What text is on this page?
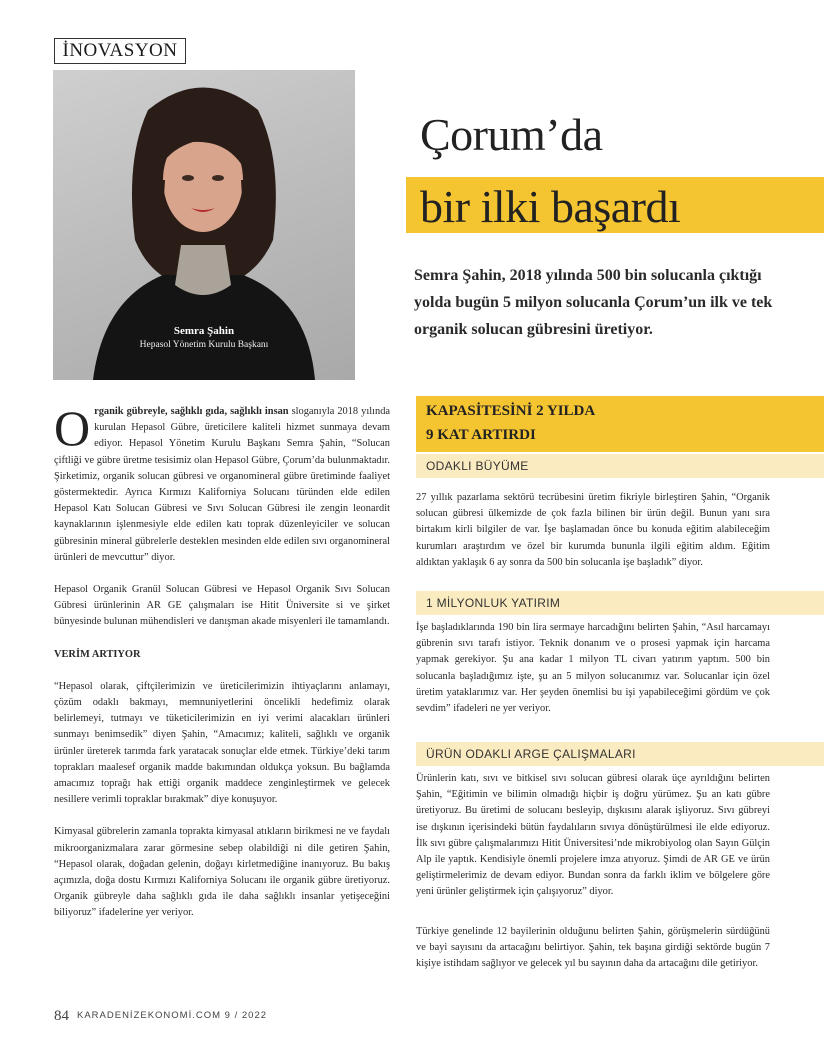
İNOVASYON
Semra Şahin
Hepasol Yönetim Kurulu Başkanı
Çorum’da
bir ilki başardı
Semra Şahin, 2018 yılında 500 bin solucanla çıktığı yolda bugün 5 milyon solucanla Çorum’un ilk ve tek organik solucan gübresini üretiyor.

Organik gübreyle, sağlıklı gıda, sağlıklı insan sloganıyla 2018 yılında kurulan Hepasol Gübre, üreticilere kaliteli hizmet sunmaya devam ediyor. Hepasol Yönetim Kurulu Başkanı Semra Şahin, “Solucan çiftliği ve gübre üretme tesisimiz olan Hepasol Gübre, Çorum’da bulunmaktadır. Şirketimiz, organik solucan gübresi ve organomineral gübre üretiminde faaliyet göstermektedir. Ayrıca Kırmızı Kaliforniya Solucanı türünden elde edilen Hepasol Katı Solucan Gübresi ve Sıvı Solucan Gübresi ile zengin leonardit kaynaklarının işlenmesiyle elde edilen katı toprak düzenleyiciler ve solucan gübresinin mineral gübrelerle desteklen mesinden elde edilen sıvı organomineral ürünleri de mevcuttur” diyor.

Hepasol Organik Granül Solucan Gübresi ve Hepasol Organik Sıvı Solucan Gübresi ürünlerinin AR GE çalışmaları ise Hitit Üniversite si ve şirket bünyesinde bulunan mühendisleri ve danışman akade misyenleri ile tamamlandı.

VERİM ARTIYOR

“Hepasol olarak, çiftçilerimizin ve üreticilerimizin ihtiyaçlarını anlamayı, çözüm odaklı bakmayı, memnuniyetlerini öncelikli hedefimiz olarak belirlemeyi, tutmayı ve tüketicilerimizin en iyi verimi alacakları ürünleri sunmayı benimsedik” diyen Şahin, “Amacımız; kaliteli, sağlıklı ve organik ürünler üreterek tarımda fark yaratacak sonuçlar elde etmek. Türkiye’deki tarım toprakları maalesef organik madde bakımından oldukça yoksun. Bu bağlamda amacımız toprağı hak ettiği organik maddece zenginleştirmek ve gelecek nesillere verimli topraklar bırakmak” diye konuşuyor.

Kimyasal gübrelerin zamanla toprakta kimyasal atıkların birikmesi ne ve faydalı mikroorganizmalara zarar görmesine sebep olabildiği ni dile getiren Şahin, “Hepasol olarak, doğadan gelenin, doğayı kirletmediğine inanıyoruz. Bu bakış açımızla, doğa dostu Kırmızı Kaliforniya Solucanı ile organik gübre üretiyoruz. Organik gübreyle daha sağlıklı gıda ile daha sağlıklı insanlar yetişeceğini biliyoruz” ifadelerine yer veriyor.

KAPASİTESİNİ 2 YILDA
9 KAT ARTIRDI
ODAKLI BÜYÜME
27 yıllık pazarlama sektörü tecrübesini üretim fikriyle birleştiren Şahin, “Organik solucan gübresi ülkemizde de çok fazla bilinen bir ürün değil. Bunun yanı sıra birtakım kirli bilgiler de var. İşe başlamadan önce bu konuda eğitim alabileceğim kurumları araştırdım ve özel bir kurumda bununla ilgili eğitim aldım. Eğitim aldıktan yaklaşık 6 ay sonra da 500 bin solucanla işe başladık” diyor.
1 MİLYONLUK YATIRIM
İşe başladıklarında 190 bin lira sermaye harcadığını belirten Şahin, “Asıl harcamayı gübrenin sıvı tarafı istiyor. Teknik donanım ve o prosesi yapmak için harcama yapmak gerekiyor. Şu ana kadar 1 milyon TL civarı yatırım yaptım. 500 bin solucanla başladığımız işte, şu an 5 milyon solucanımız var. Solucanlar için özel üretim yataklarımız var. Her şeyden önemlisi bu işi yapabileceğimi gördüm ve çok sevdim” ifadeleri ne yer veriyor.
ÜRÜN ODAKLI ARGE ÇALIŞMALARI
Ürünlerin katı, sıvı ve bitkisel sıvı solucan gübresi olarak üçe ayrıldığını belirten Şahin, “Eğitimin ve bilimin olmadığı hiçbir iş doğru yürümez. Şu an katı gübre üretiyoruz. Bu üretimi de solucanı besleyip, dışkısını alarak işliyoruz. Sıvı gübreyi ise dışkının içerisindeki bütün faydalıların sıvıya dönüştürülmesi ile elde ediyoruz. İlk sıvı gübre çalışmalarımızı Hitit Üniversitesi’nde mikrobiyolog olan Sayın Gülçin Alp ile yaptık. Kendisiyle önemli projelere imza atıyoruz. Şimdi de AR GE ve ürün geliştirmelerimiz de devam ediyor. Bundan sonra da farklı iklim ve bölgelere göre yeni ürünler geliştirmek için çalışıyoruz” diyor.
Türkiye genelinde 12 bayilerinin olduğunu belirten Şahin, görüşmelerin sürdüğünü ve bayi sayısını da artacağını belirtiyor. Şahin, tek başına girdiği sektörde bugün 7 kişiye istihdam sağlıyor ve gelecek yıl bu sayının daha da artacağını dile getiriyor.
84 KARADENİZEKONOMİ.COM 9 / 2022
